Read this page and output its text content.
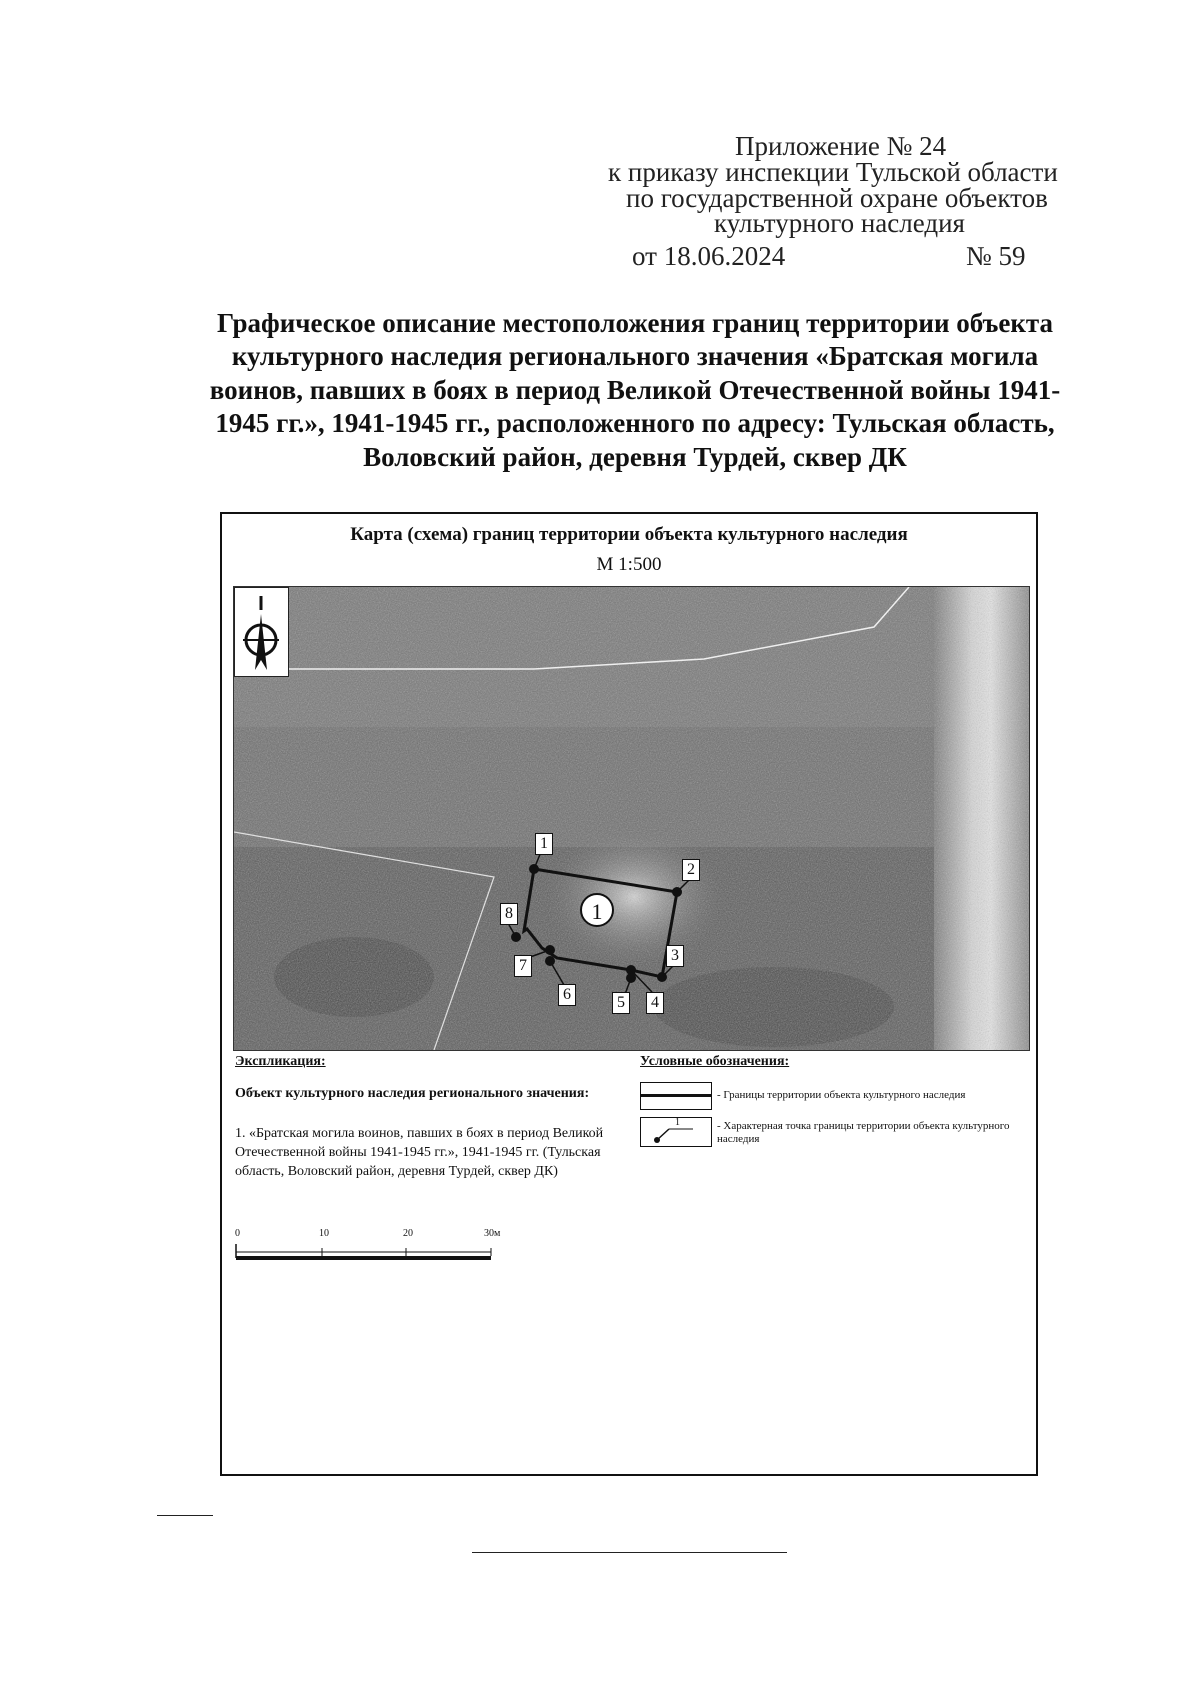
Приложение № 24
к приказу инспекции Тульской области
по государственной охране объектов
культурного наследия
от 18.06.2024	№ 59
Графическое описание местоположения границ территории объекта
культурного наследия регионального значения «Братская могила
воинов, павших в боях в период Великой Отечественной войны 1941-
1945 гг.», 1941-1945 гг., расположенного по адресу: Тульская область,
Воловский район, деревня Турдей, сквер ДК
Карта (схема) границ территории объекта культурного наследия
М 1:500
1
1
2
3
4
5
6
7
8
Экспликация:
Объект культурного наследия регионального значения:
1. «Братская могила воинов, павших в боях в период Великой Отечественной войны 1941-1945 гг.», 1941-1945 гг. (Тульская область, Воловский район, деревня Турдей, сквер ДК)
Условные обозначения:
- Границы территории объекта культурного наследия
1	- Характерная точка границы территории объекта культурного наследия
0	10	20	30м
